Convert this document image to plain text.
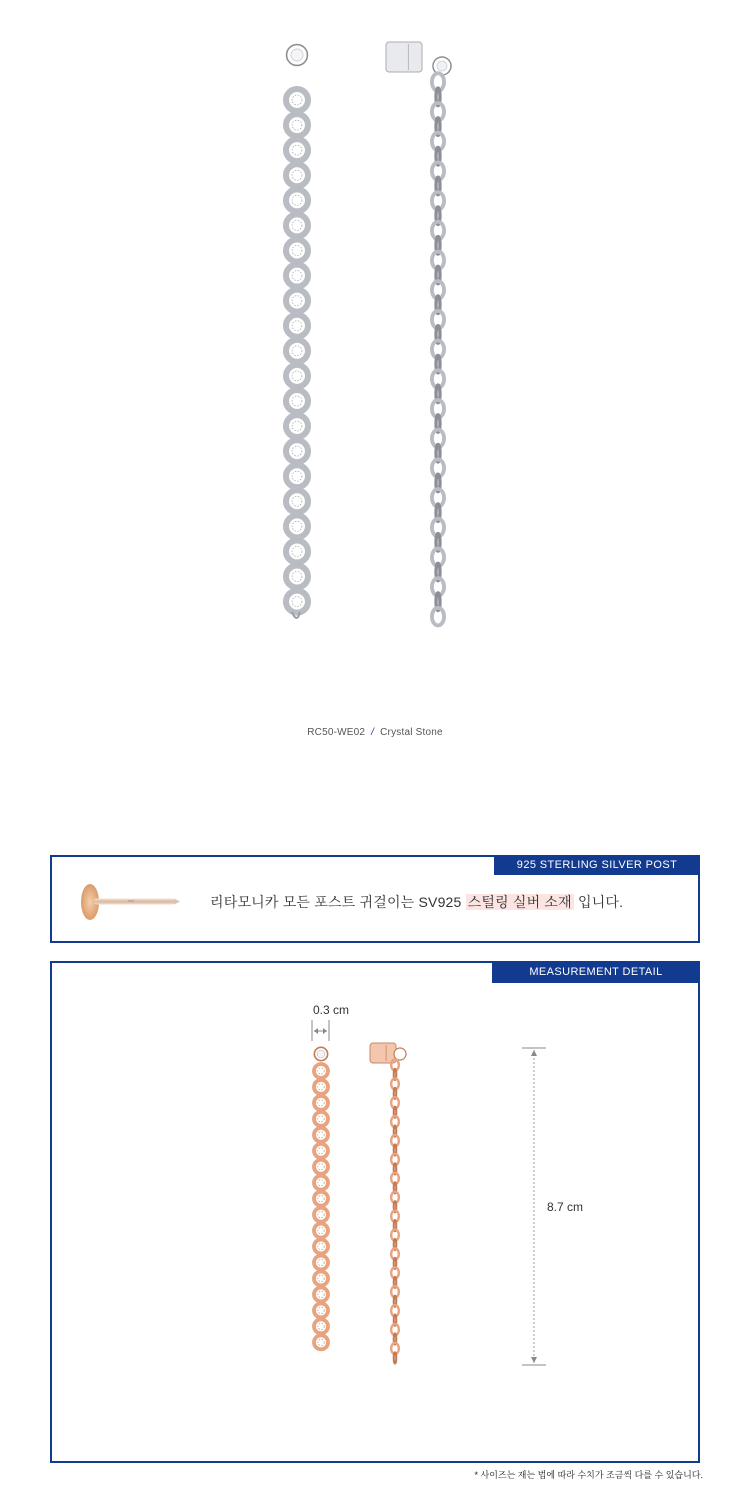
RC50-WE02 / Crystal Stone
925 STERLING SILVER POST
리타모니카 모든 포스트 귀걸이는 SV925 스털링 실버 소재 입니다.
MEASUREMENT DETAIL
0.3 cm
8.7 cm
* 사이즈는 재는 법에 따라 수치가 조금씩 다를 수 있습니다.
